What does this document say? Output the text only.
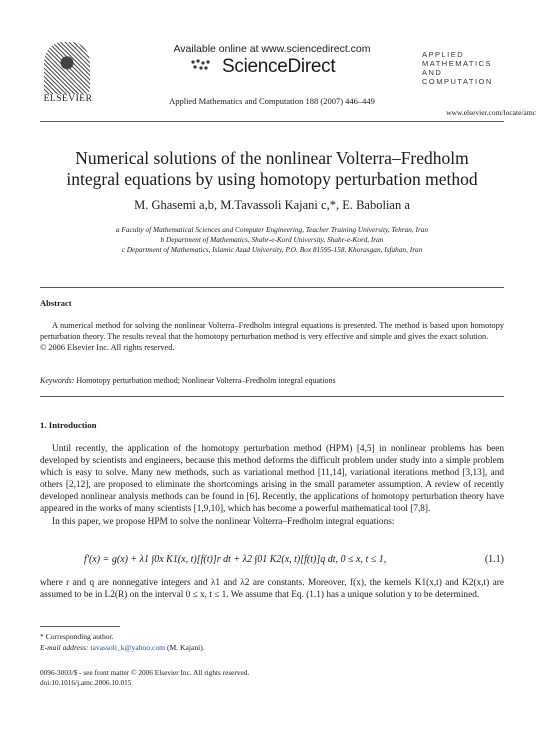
ELSEVIER
Available online at www.sciencedirect.com
ScienceDirect
Applied Mathematics and Computation 188 (2007) 446–449
APPLIED
MATHEMATICS
AND
COMPUTATION
www.elsevier.com/locate/amc
Numerical solutions of the nonlinear Volterra–Fredholm
integral equations by using homotopy perturbation method
M. Ghasemi a,b, M.Tavassoli Kajani c,*, E. Babolian a
a Faculty of Mathematical Sciences and Computer Engineering, Teacher Training University, Tehran, Iran
b Department of Mathematics, Shahr-e-Kord University, Shahr-e-Kord, Iran
c Department of Mathematics, Islamic Azad University, P.O. Box 81595-158, Khorasgan, Isfahan, Iran
Abstract
A numerical method for solving the nonlinear Volterra–Fredholm integral equations is presented. The method is based upon homotopy perturbation theory. The results reveal that the homotopy perturbation method is very effective and simple and gives the exact solution.
© 2006 Elsevier Inc. All rights reserved.
Keywords: Homotopy perturbation method; Nonlinear Volterra–Fredholm integral equations
1. Introduction
Until recently, the application of the homotopy perturbation method (HPM) [4,5] in nonlinear problems has been developed by scientists and engineers, because this method deforms the difficult problem under study into a simple problem which is easy to solve. Many new methods, such as variational method [11,14], variational iterations method [3,13], and others [2,12], are proposed to eliminate the shortcomings arising in the small parameter assumption. A review of recently developed nonlinear analysis methods can be found in [6]. Recently, the applications of homotopy perturbation theory have appeared in the works of many scientists [1,9,10], which has become a powerful mathematical tool [7,8].
In this paper, we propose HPM to solve the nonlinear Volterra–Fredholm integral equations:
f′(x) = g(x) + λ1 ∫0x K1(x, t)[f(t)]r dt + λ2 ∫01 K2(x, t)[f(t)]q dt, 0 ≤ x, t ≤ 1,	(1.1)
where r and q are nonnegative integers and λ1 and λ2 are constants. Moreover, f(x), the kernels K1(x,t) and K2(x,t) are assumed to be in L2(R) on the interval 0 ≤ x, t ≤ 1. We assume that Eq. (1.1) has a unique solution y to be determined.
* Corresponding author.
E-mail address: tavassoli_k@yahoo.com (M. Kajani).
0096-3003/$ - see front matter © 2006 Elsevier Inc. All rights reserved.
doi:10.1016/j.amc.2006.10.015
